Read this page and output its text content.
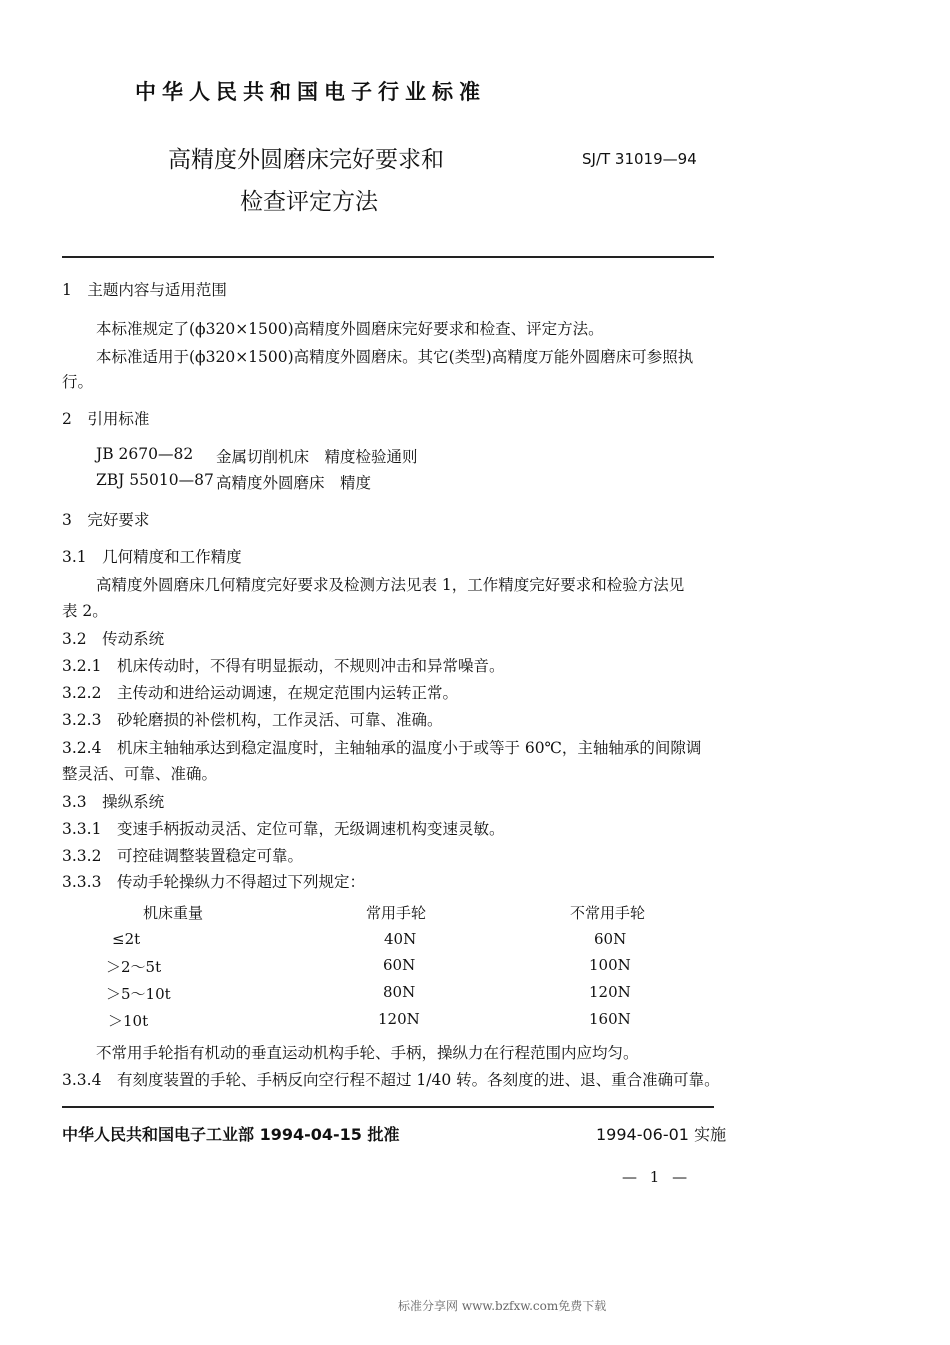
中华人民共和国电子行业标准
高精度外圆磨床完好要求和
检查评定方法
SJ/T 31019—94
1　主题内容与适用范围
本标准规定了(ϕ320×1500)高精度外圆磨床完好要求和检查、评定方法。
本标准适用于(ϕ320×1500)高精度外圆磨床。其它(类型)高精度万能外圆磨床可参照执
行。
2　引用标准
JB 2670—82 金属切削机床　精度检验通则
ZBJ 55010—87 高精度外圆磨床　精度
3　完好要求
3.1　几何精度和工作精度
高精度外圆磨床几何精度完好要求及检测方法见表 1，工作精度完好要求和检验方法见
表 2。
3.2　传动系统
3.2.1　机床传动时，不得有明显振动，不规则冲击和异常噪音。
3.2.2　主传动和进给运动调速，在规定范围内运转正常。
3.2.3　砂轮磨损的补偿机构，工作灵活、可靠、准确。
3.2.4　机床主轴轴承达到稳定温度时，主轴轴承的温度小于或等于 60℃，主轴轴承的间隙调
整灵活、可靠、准确。
3.3　操纵系统
3.3.1　变速手柄扳动灵活、定位可靠，无级调速机构变速灵敏。
3.3.2　可控硅调整装置稳定可靠。
3.3.3　传动手轮操纵力不得超过下列规定：
机床重量	常用手轮	不常用手轮
≤2t	40N	60N
＞2～5t	60N	100N
＞5～10t	80N	120N
＞10t	120N	160N
不常用手轮指有机动的垂直运动机构手轮、手柄，操纵力在行程范围内应均匀。
3.3.4　有刻度装置的手轮、手柄反向空行程不超过 1/40 转。各刻度的进、退、重合准确可靠。
中华人民共和国电子工业部 1994-04-15 批准	1994-06-01 实施
— 1 —
标准分享网 www.bzfxw.com免费下载
